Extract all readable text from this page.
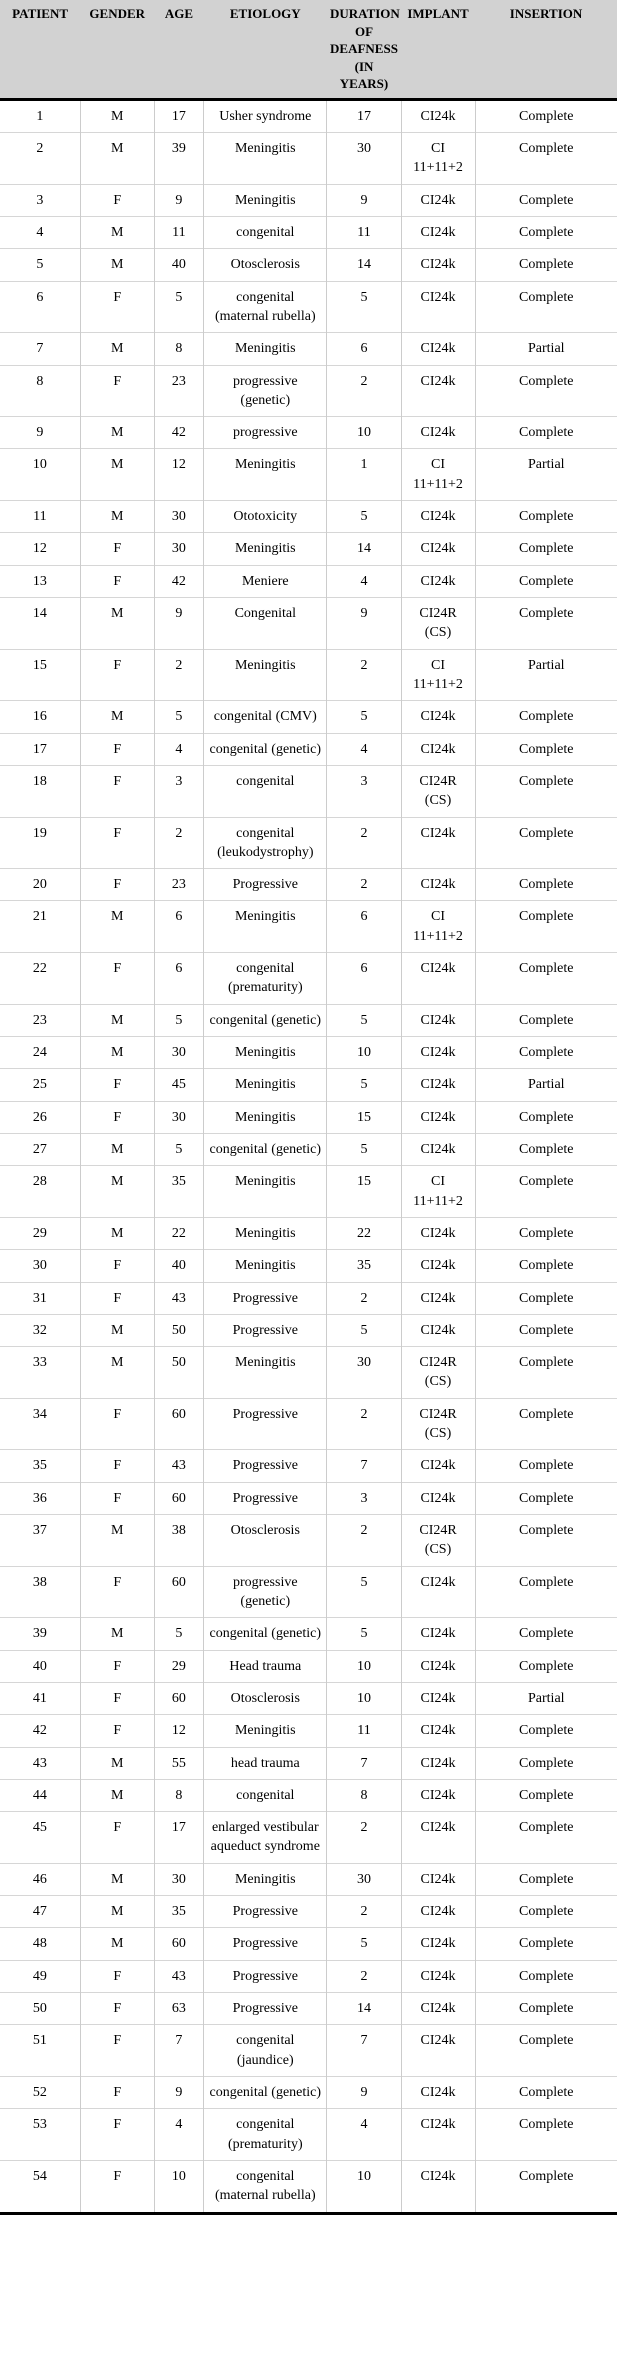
PATIENT	GENDER	AGE	ETIOLOGY	DURATION OF DEAFNESS (IN YEARS)	IMPLANT	INSERTION
1	M	17	Usher syndrome	17	CI24k	Complete
2	M	39	Meningitis	30	CI 11+11+2	Complete
3	F	9	Meningitis	9	CI24k	Complete
4	M	11	congenital	11	CI24k	Complete
5	M	40	Otosclerosis	14	CI24k	Complete
6	F	5	congenital (maternal rubella)	5	CI24k	Complete
7	M	8	Meningitis	6	CI24k	Partial
8	F	23	progressive (genetic)	2	CI24k	Complete
9	M	42	progressive	10	CI24k	Complete
10	M	12	Meningitis	1	CI 11+11+2	Partial
11	M	30	Ototoxicity	5	CI24k	Complete
12	F	30	Meningitis	14	CI24k	Complete
13	F	42	Meniere	4	CI24k	Complete
14	M	9	Congenital	9	CI24R (CS)	Complete
15	F	2	Meningitis	2	CI 11+11+2	Partial
16	M	5	congenital (CMV)	5	CI24k	Complete
17	F	4	congenital (genetic)	4	CI24k	Complete
18	F	3	congenital	3	CI24R (CS)	Complete
19	F	2	congenital (leukodystrophy)	2	CI24k	Complete
20	F	23	Progressive	2	CI24k	Complete
21	M	6	Meningitis	6	CI 11+11+2	Complete
22	F	6	congenital (prematurity)	6	CI24k	Complete
23	M	5	congenital (genetic)	5	CI24k	Complete
24	M	30	Meningitis	10	CI24k	Complete
25	F	45	Meningitis	5	CI24k	Partial
26	F	30	Meningitis	15	CI24k	Complete
27	M	5	congenital (genetic)	5	CI24k	Complete
28	M	35	Meningitis	15	CI 11+11+2	Complete
29	M	22	Meningitis	22	CI24k	Complete
30	F	40	Meningitis	35	CI24k	Complete
31	F	43	Progressive	2	CI24k	Complete
32	M	50	Progressive	5	CI24k	Complete
33	M	50	Meningitis	30	CI24R (CS)	Complete
34	F	60	Progressive	2	CI24R (CS)	Complete
35	F	43	Progressive	7	CI24k	Complete
36	F	60	Progressive	3	CI24k	Complete
37	M	38	Otosclerosis	2	CI24R (CS)	Complete
38	F	60	progressive (genetic)	5	CI24k	Complete
39	M	5	congenital (genetic)	5	CI24k	Complete
40	F	29	Head trauma	10	CI24k	Complete
41	F	60	Otosclerosis	10	CI24k	Partial
42	F	12	Meningitis	11	CI24k	Complete
43	M	55	head trauma	7	CI24k	Complete
44	M	8	congenital	8	CI24k	Complete
45	F	17	enlarged vestibular aqueduct syndrome	2	CI24k	Complete
46	M	30	Meningitis	30	CI24k	Complete
47	M	35	Progressive	2	CI24k	Complete
48	M	60	Progressive	5	CI24k	Complete
49	F	43	Progressive	2	CI24k	Complete
50	F	63	Progressive	14	CI24k	Complete
51	F	7	congenital (jaundice)	7	CI24k	Complete
52	F	9	congenital (genetic)	9	CI24k	Complete
53	F	4	congenital (prematurity)	4	CI24k	Complete
54	F	10	congenital (maternal rubella)	10	CI24k	Complete
